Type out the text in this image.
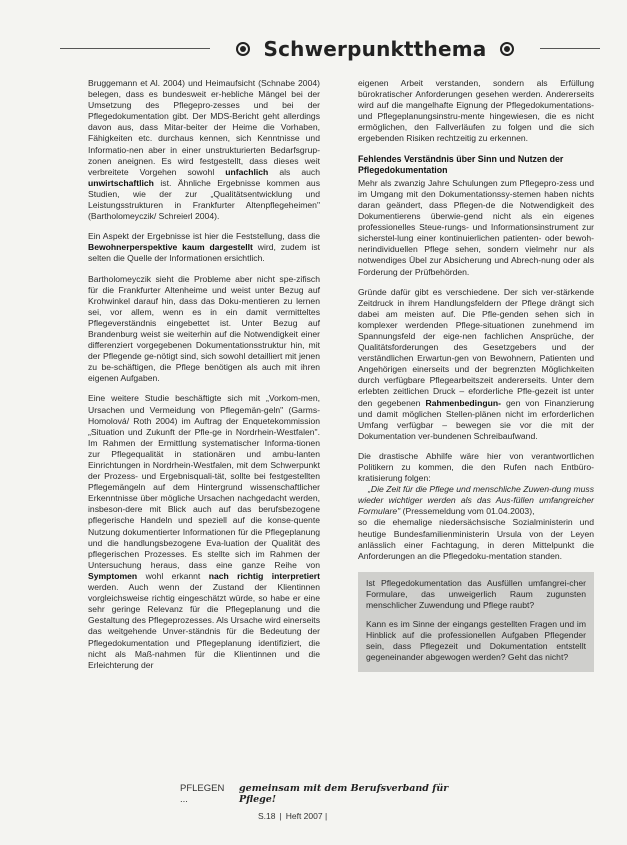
Schwerpunktthema

Bruggemann et Al. 2004) und Heimaufsicht (Schnabe 2004) belegen, dass es bundesweit er-hebliche Mängel bei der Umsetzung des Pflegepro-zesses und bei der Pflegedokumentation gibt. Der MDS-Bericht geht allerdings davon aus, dass Mitar-beiter der Heime die Vorhaben, Fähigkeiten etc. durchaus kennen, sich Kenntnisse und Informatio-nen aber in einer unstrukturierten Bedarfsgrup-zonen aneignen. Es wird festgestellt, dass dieses weit verbreitete Vorgehen sowohl unfachlich als auch unwirtschaftlich ist. Ähnliche Ergebnisse kommen aus Studien, wie der zur „Qualitätsentwicklung und Leistungsstrukturen in Frankfurter Altenpflegeheimen" (Bartholomeyczik/ Schreierl 2004).

Ein Aspekt der Ergebnisse ist hier die Feststellung, dass die Bewohnerperspektive kaum dargestellt wird, zudem ist selten die Quelle der Informationen ersichtlich.

Bartholomeyczik sieht die Probleme aber nicht spe-zifisch für die Frankfurter Altenheime und weist unter Bezug auf Krohwinkel darauf hin, dass das Doku-mentieren zu lernen sei, vor allem, wenn es in ein damit vermitteltes Pflegeverständnis eingebettet ist. Unter Bezug auf Brandenburg weist sie weiterhin auf die Notwendigkeit einer differenziert vorgegebenen Dokumentationsstruktur hin, mit der Pflegende ge-nötigt sind, sich sowohl detailliert mit jenen zu be-schäftigen, die Pflege benötigen als auch mit ihren eigenen Aufgaben.

Eine weitere Studie beschäftigte sich mit „Vorkom-men, Ursachen und Vermeidung von Pflegemän-geln" (Garms-Homolová/ Roth 2004) im Auftrag der Enquetekommission „Situation und Zukunft der Pfle-ge in Nordrhein-Westfalen". Im Rahmen der Ermittlung systematischer Informa-tionen zur Pflegequalität in stationären und ambu-lanten Einrichtungen in Nordrhein-Westfalen, mit dem Schwerpunkt der Prozess- und Ergebnisquali-tät, sollte bei festgestellten Pflegemängeln auf dem Hintergrund wissenschaftlicher Erkenntnisse über mögliche Ursachen nachgedacht werden, insbeson-dere mit Blick auch auf das berufsbezogene pflegerische Handeln und speziell auf die konse-quente Nutzung dokumentierter Informationen für die Pflegeplanung und die handlungsbezogene Eva-luation der Qualität des pflegerischen Prozesses. Es stellte sich im Rahmen der Untersuchung heraus, dass eine ganze Reihe von Symptomen wohl erkannt nach richtig interpretiert werden. Auch wenn der Zustand der Klientinnen vorgleichsweise richtig eingeschätzt würde, so habe er eine sehr geringe Relevanz für die Pflegeplanung und die Gestaltung des Pflegeprozesses. Als Ursache wird einerseits das weitgehende Unver-ständnis für die Bedeutung der Pflegedokumentation und Pflegeplanung identifiziert, die nicht als Maß-nahmen für die Klientinnen und die Erleichterung der

eigenen Arbeit verstanden, sondern als Erfüllung bürokratischer Anforderungen gesehen werden. Andererseits wird auf die mangelhafte Eignung der Pflegedokumentations- und Pflegeplanungsinstru-mente hingewiesen, die es nicht ermöglichen, den Fallverläufen zu folgen und die sich ergebenden Risiken rechtzeitig zu erkennen.

Fehlendes Verständnis über Sinn und Nutzen der Pflegedokumentation

Mehr als zwanzig Jahre Schulungen zum Pflegepro-zess und im Umgang mit den Dokumentationssy-stemen haben nichts daran geändert, dass Pflegen-de die Notwendigkeit des Dokumentierens überwie-gend nicht als ein eigenes professionelles Steue-rungs- und Informationsinstrument zur sicherstel-lung einer kontinuierlichen patienten- oder bewoh-nerindividuellen Pflege sehen, sondern vielmehr nur als notwendiges Übel zur Absicherung und Abrech-nung oder als Forderung der Prüfbehörden.

Gründe dafür gibt es verschiedene. Der sich ver-stärkende Zeitdruck in ihrem Handlungsfeldern der Pflege drängt sich dabei am meisten auf. Die Pfle-genden sehen sich in komplexer werdenden Pflege-situationen zunehmend im Spannungsfeld der eige-nen fachlichen Ansprüche, der Qualitätsforderungen des Gesetzgebers und der verständlichen Erwartun-gen von Bewohnern, Patienten und Angehörigen einerseits und der begrenzten Möglichkeiten durch verfügbare Pflegearbeitszeit andererseits. Unter dem erlebten zeitlichen Druck – eforderliche Pfle-gezeit ist unter den gegebenen Rahmenbedingun- gen von Finanzierung und damit möglichen Stellen-plänen nicht im erforderlichen Umfang verfügbar – bewegen sie vor die mit der Dokumentation ver-bundenen Schreibaufwand.

Die drastische Abhilfe wäre hier von verantwortlichen Politikern zu kommen, die den Rufen nach Entbüro-kratisierung folgen:

„Die Zeit für die Pflege und menschliche Zuwen-dung muss wieder wichtiger werden als das Aus-füllen umfangreicher Formulare" (Pressemeldung vom 01.04.2003),

so die ehemalige niedersächsische Sozialministerin und heutige Bundesfamilienministerin Ursula von der Leyen anlässlich einer Fachtagung, in deren Mittelpunkt die Anforderungen an die Pflegedoku-mentation standen.

Ist Pflegedokumentation das Ausfüllen umfangrei-cher Formulare, das unweigerlich Raum zugunsten menschlicher Zuwendung und Pflege raubt?

Kann es im Sinne der eingangs gestellten Fragen und im Hinblick auf die professionellen Aufgaben Pflegender sein, dass Pflegezeit und Dokumentation entstellt gegeneinander abgewogen werden? Geht das nicht?

PFLEGEN ...
gemeinsam mit dem Berufsverband für Pflege!
S.18 | Heft 2007 |
